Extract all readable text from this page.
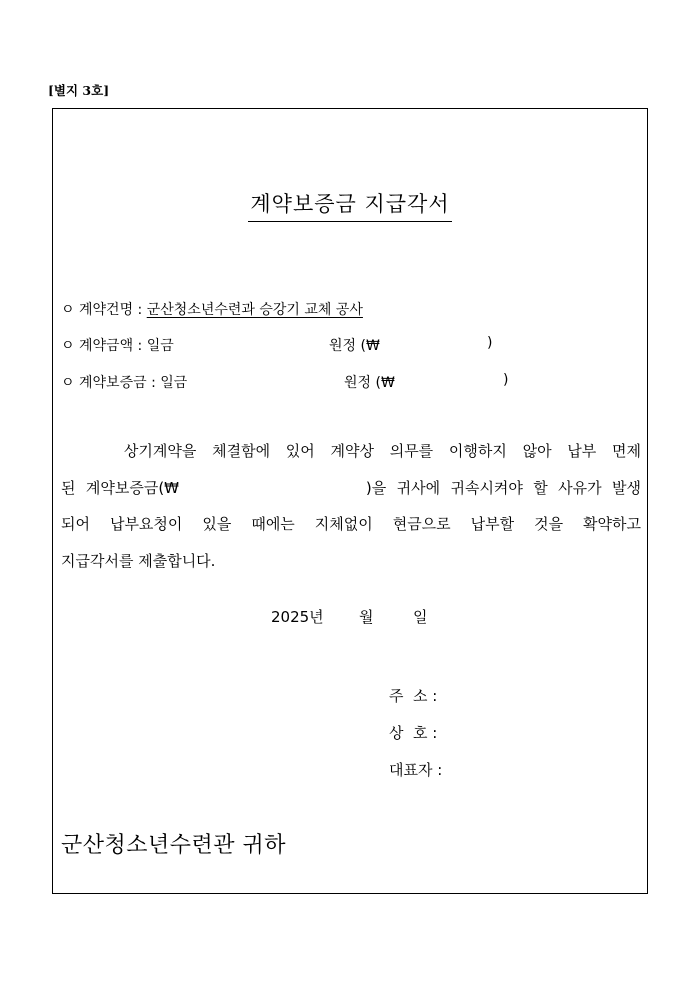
[별지 3호]
계약보증금 지급각서
ㅇ 계약건명 : 군산청소년수련과 승강기 교체 공사
ㅇ 계약금액 : 일금	원정 (₩	)
ㅇ 계약보증금 : 일금	원정 (₩	)
상기계약을 체결함에 있어 계약상 의무를 이행하지 않아 납부 면제
된 계약보증금(₩                  )을 귀사에 귀속시켜야 할 사유가 발생
되어 납부요청이 있을 때에는 지체없이 현금으로 납부할 것을 확약하고
지급각서를 제출합니다.
2025년 월	일
주  소 :
상  호 :
대표자 :
군산청소년수련관 귀하
